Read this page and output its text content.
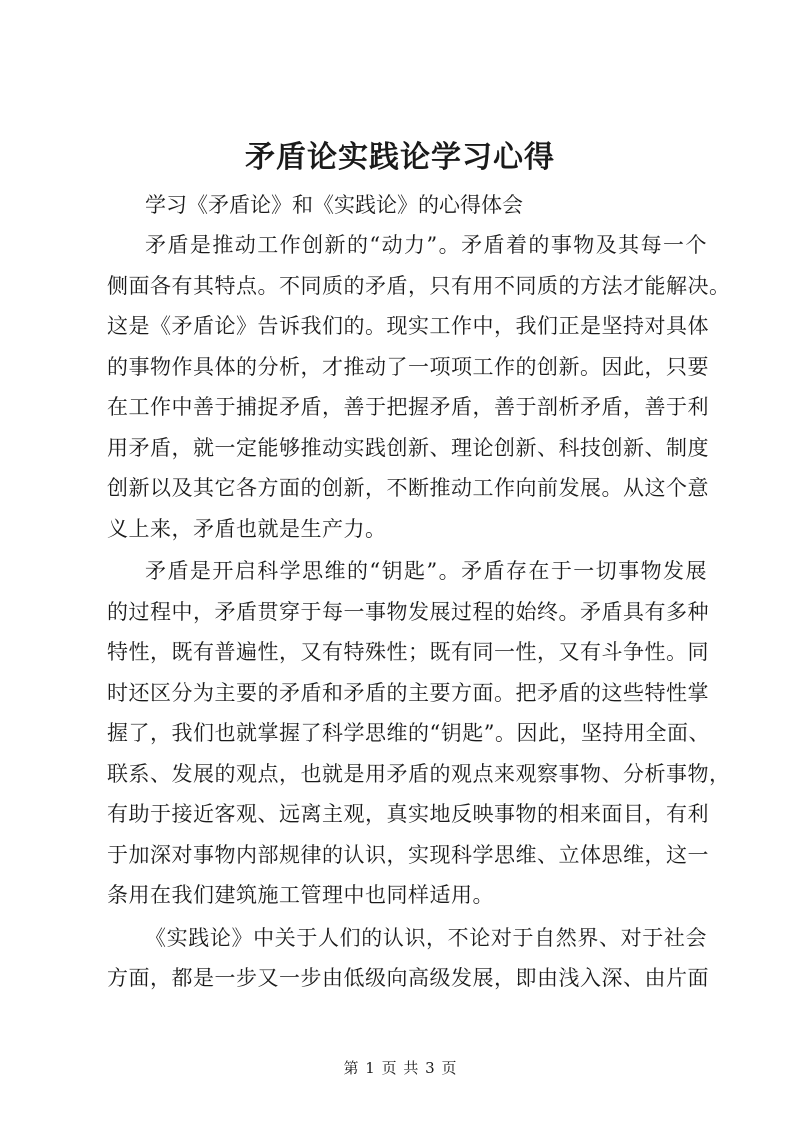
矛盾论实践论学习心得

学习《矛盾论》和《实践论》的心得体会

矛盾是推动工作创新的“动力”。矛盾着的事物及其每一个
侧面各有其特点。不同质的矛盾，只有用不同质的方法才能解决。
这是《矛盾论》告诉我们的。现实工作中，我们正是坚持对具体
的事物作具体的分析，才推动了一项项工作的创新。因此，只要
在工作中善于捕捉矛盾，善于把握矛盾，善于剖析矛盾，善于利
用矛盾，就一定能够推动实践创新、理论创新、科技创新、制度
创新以及其它各方面的创新，不断推动工作向前发展。从这个意
义上来，矛盾也就是生产力。
矛盾是开启科学思维的“钥匙”。矛盾存在于一切事物发展
的过程中，矛盾贯穿于每一事物发展过程的始终。矛盾具有多种
特性，既有普遍性，又有特殊性；既有同一性，又有斗争性。同
时还区分为主要的矛盾和矛盾的主要方面。把矛盾的这些特性掌
握了，我们也就掌握了科学思维的“钥匙”。因此，坚持用全面、
联系、发展的观点，也就是用矛盾的观点来观察事物、分析事物，
有助于接近客观、远离主观，真实地反映事物的相来面目，有利
于加深对事物内部规律的认识，实现科学思维、立体思维，这一
条用在我们建筑施工管理中也同样适用。
《实践论》中关于人们的认识，不论对于自然界、对于社会
方面，都是一步又一步由低级向高级发展，即由浅入深、由片面

第 1 页 共 3 页
